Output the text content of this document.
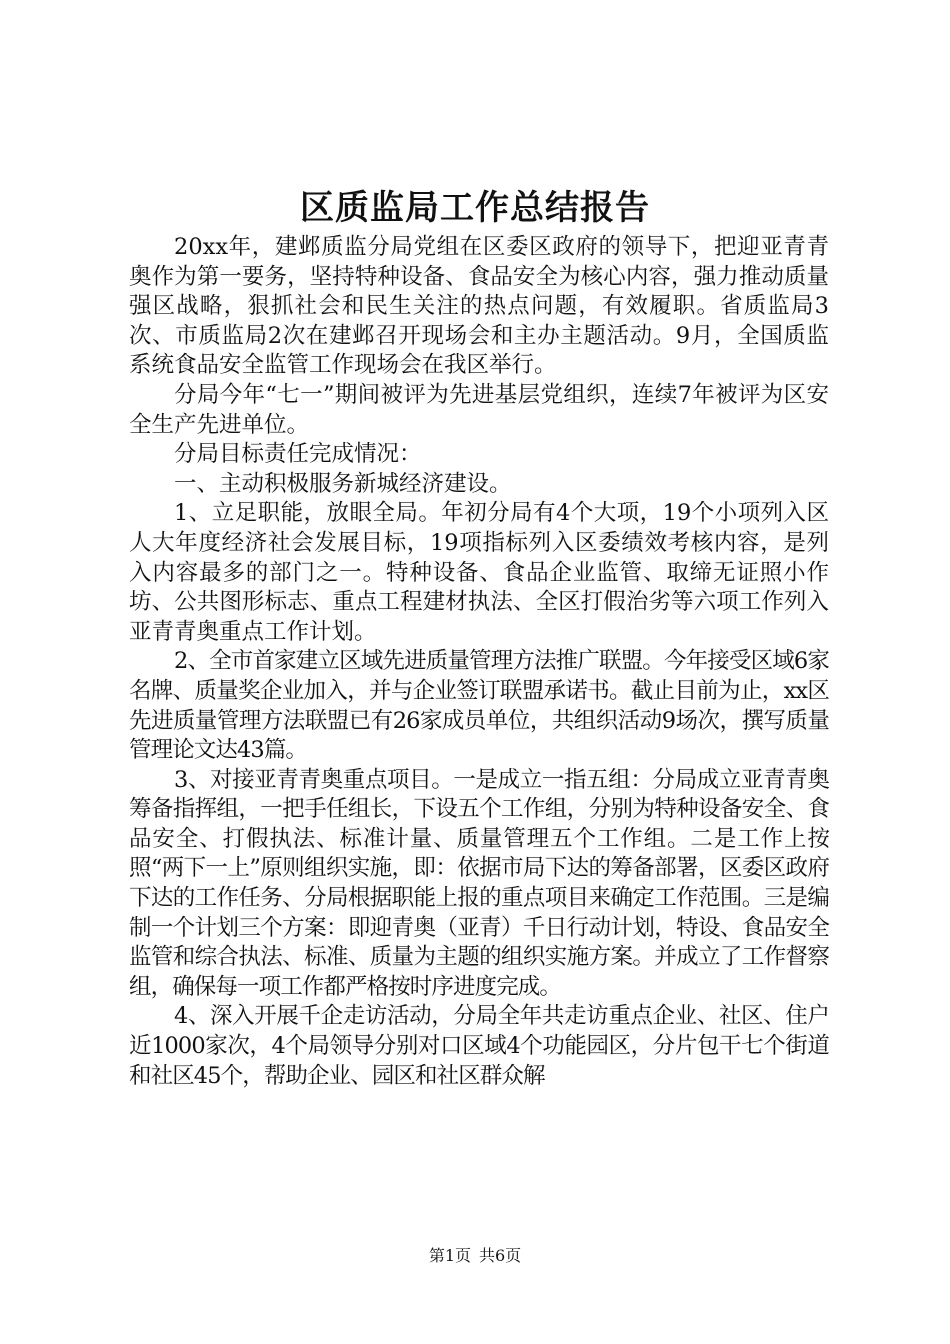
区质监局工作总结报告

20xx年，建邺质监分局党组在区委区政府的领导下，把迎亚青青奥作为第一要务，坚持特种设备、食品安全为核心内容，强力推动质量强区战略，狠抓社会和民生关注的热点问题，有效履职。省质监局3次、市质监局2次在建邺召开现场会和主办主题活动。9月，全国质监系统食品安全监管工作现场会在我区举行。

分局今年“七一”期间被评为先进基层党组织，连续7年被评为区安全生产先进单位。

分局目标责任完成情况：

一、主动积极服务新城经济建设。

1、立足职能，放眼全局。年初分局有4个大项，19个小项列入区人大年度经济社会发展目标，19项指标列入区委绩效考核内容，是列入内容最多的部门之一。特种设备、食品企业监管、取缔无证照小作坊、公共图形标志、重点工程建材执法、全区打假治劣等六项工作列入亚青青奥重点工作计划。

2、全市首家建立区域先进质量管理方法推广联盟。今年接受区域6家名牌、质量奖企业加入，并与企业签订联盟承诺书。截止目前为止，xx区先进质量管理方法联盟已有26家成员单位，共组织活动9场次，撰写质量管理论文达43篇。

3、对接亚青青奥重点项目。一是成立一指五组：分局成立亚青青奥筹备指挥组，一把手任组长，下设五个工作组，分别为特种设备安全、食品安全、打假执法、标准计量、质量管理五个工作组。二是工作上按照“两下一上”原则组织实施，即：依据市局下达的筹备部署，区委区政府下达的工作任务、分局根据职能上报的重点项目来确定工作范围。三是编制一个计划三个方案：即迎青奥（亚青）千日行动计划，特设、食品安全监管和综合执法、标准、质量为主题的组织实施方案。并成立了工作督察组，确保每一项工作都严格按时序进度完成。

4、深入开展千企走访活动，分局全年共走访重点企业、社区、住户近1000家次，4个局领导分别对口区域4个功能园区，分片包干七个街道和社区45个，帮助企业、园区和社区群众解

第1页 共6页
